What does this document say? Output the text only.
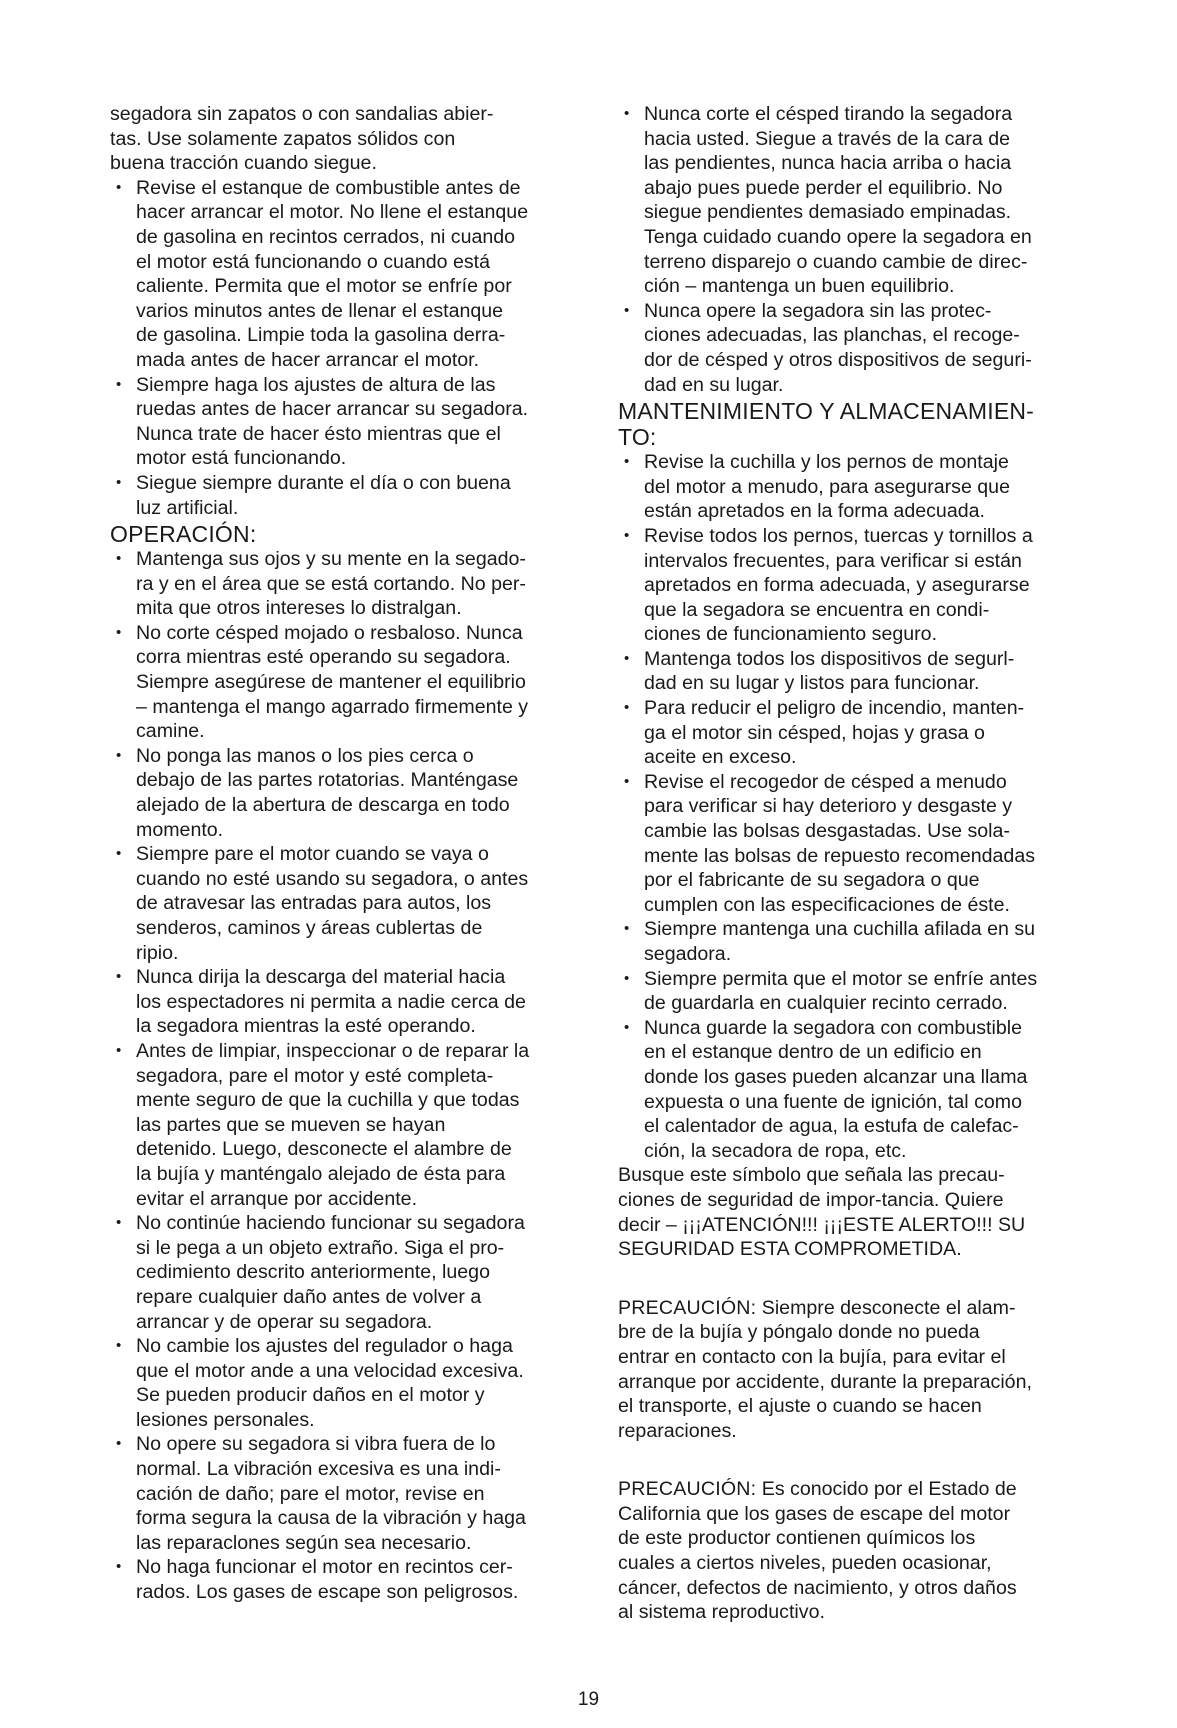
segadora sin zapatos o con sandalias abier-
tas. Use solamente zapatos sólidos con
buena tracción cuando siegue.

• Revise el estanque de combustible antes de
hacer arrancar el motor. No llene el estanque
de gasolina en recintos cerrados, ni cuando
el motor está funcionando o cuando está
caliente. Permita que el motor se enfríe por
varios minutos antes de llenar el estanque
de gasolina. Limpie toda la gasolina derra-
mada antes de hacer arrancar el motor.
• Siempre haga los ajustes de altura de las
ruedas antes de hacer arrancar su segadora.
Nunca trate de hacer ésto mientras que el
motor está funcionando.
• Siegue siempre durante el día o con buena
luz artificial.
OPERACIÓN:
• Mantenga sus ojos y su mente en la segado-
ra y en el área que se está cortando. No per-
mita que otros intereses lo distralgan.
• No corte césped mojado o resbaloso. Nunca
corra mientras esté operando su segadora.
Siempre asegúrese de mantener el equilibrio
– mantenga el mango agarrado firmemente y
camine.
• No ponga las manos o los pies cerca o
debajo de las partes rotatorias. Manténgase
alejado de la abertura de descarga en todo
momento.
• Siempre pare el motor cuando se vaya o
cuando no esté usando su segadora, o antes
de atravesar las entradas para autos, los
senderos, caminos y áreas cublertas de
ripio.
• Nunca dirija la descarga del material hacia
los espectadores ni permita a nadie cerca de
la segadora mientras la esté operando.
• Antes de limpiar, inspeccionar o de reparar la
segadora, pare el motor y esté completa-
mente seguro de que la cuchilla y que todas
las partes que se mueven se hayan
detenido. Luego, desconecte el alambre de
la bujía y manténgalo alejado de ésta para
evitar el arranque por accidente.
• No continúe haciendo funcionar su segadora
si le pega a un objeto extraño. Siga el pro-
cedimiento descrito anteriormente, luego
repare cualquier daño antes de volver a
arrancar y de operar su segadora.
• No cambie los ajustes del regulador o haga
que el motor ande a una velocidad excesiva.
Se pueden producir daños en el motor y
lesiones personales.
• No opere su segadora si vibra fuera de lo
normal. La vibración excesiva es una indi-
cación de daño; pare el motor, revise en
forma segura la causa de la vibración y haga
las reparaclones según sea necesario.
• No haga funcionar el motor en recintos cer-
rados. Los gases de escape son peligrosos.
• Nunca corte el césped tirando la segadora
hacia usted. Siegue a través de la cara de
las pendientes, nunca hacia arriba o hacia
abajo pues puede perder el equilibrio. No
siegue pendientes demasiado empinadas.
Tenga cuidado cuando opere la segadora en
terreno disparejo o cuando cambie de direc-
ción – mantenga un buen equilibrio.
• Nunca opere la segadora sin las protec-
ciones adecuadas, las planchas, el recoge-
dor de césped y otros dispositivos de seguri-
dad en su lugar.
MANTENIMIENTO Y ALMACENAMIEN-
TO:
• Revise la cuchilla y los pernos de montaje
del motor a menudo, para asegurarse que
están apretados en la forma adecuada.
• Revise todos los pernos, tuercas y tornillos a
intervalos frecuentes, para verificar si están
apretados en forma adecuada, y asegurarse
que la segadora se encuentra en condi-
ciones de funcionamiento seguro.
• Mantenga todos los dispositivos de segurl-
dad en su lugar y listos para funcionar.
• Para reducir el peligro de incendio, manten-
ga el motor sin césped, hojas y grasa o
aceite en exceso.
• Revise el recogedor de césped a menudo
para verificar si hay deterioro y desgaste y
cambie las bolsas desgastadas. Use sola-
mente las bolsas de repuesto recomendadas
por el fabricante de su segadora o que
cumplen con las especificaciones de éste.
• Siempre mantenga una cuchilla afilada en su
segadora.
• Siempre permita que el motor se enfríe antes
de guardarla en cualquier recinto cerrado.
• Nunca guarde la segadora con combustible
en el estanque dentro de un edificio en
donde los gases pueden alcanzar una llama
expuesta o una fuente de ignición, tal como
el calentador de agua, la estufa de calefac-
ción, la secadora de ropa, etc.

Busque este símbolo que señala las precau-
ciones de seguridad de impor-tancia. Quiere
decir – ¡¡¡ATENCIÓN!!! ¡¡¡ESTE ALERTO!!! SU
SEGURIDAD ESTA COMPROMETIDA.

PRECAUCIÓN: Siempre desconecte el alam-
bre de la bujía y póngalo donde no pueda
entrar en contacto con la bujía, para evitar el
arranque por accidente, durante la preparación,
el transporte, el ajuste o cuando se hacen
reparaciones.

PRECAUCIÓN: Es conocido por el Estado de
California que los gases de escape del motor
de este productor contienen químicos los
cuales a ciertos niveles, pueden ocasionar,
cáncer, defectos de nacimiento, y otros daños
al sistema reproductivo.

19
